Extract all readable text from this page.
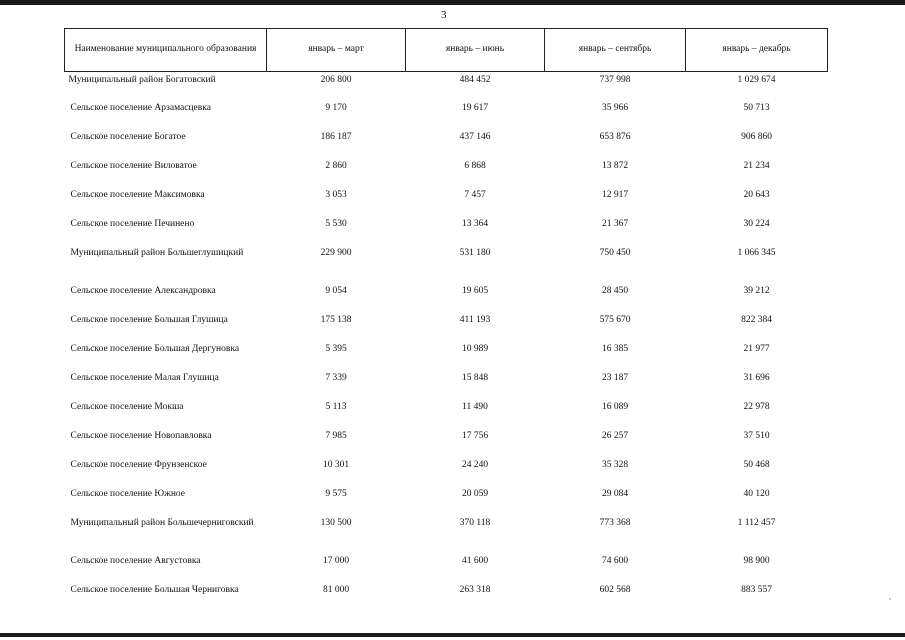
3
Наименование муниципального образования	январь – март	январь – июнь	январь – сентябрь	январь – декабрь
Муниципальный район Богатовский	206 800	484 452	737 998	1 029 674
Сельское поселение Арзамасцевка	9 170	19 617	35 966	50 713
Сельское поселение Богатое	186 187	437 146	653 876	906 860
Сельское поселение Виловатое	2 860	6 868	13 872	21 234
Сельское поселение Максимовка	3 053	7 457	12 917	20 643
Сельское поселение Печинено	5 530	13 364	21 367	30 224
Муниципальный район Большеглушицкий	229 900	531 180	750 450	1 066 345
Сельское поселение Александровка	9 054	19 605	28 450	39 212
Сельское поселение Большая Глушица	175 138	411 193	575 670	822 384
Сельское поселение Большая Дергуновка	5 395	10 989	16 385	21 977
Сельское поселение Малая Глушица	7 339	15 848	23 187	31 696
Сельское поселение Мокша	5 113	11 490	16 089	22 978
Сельское поселение Новопавловка	7 985	17 756	26 257	37 510
Сельское поселение Фрунзенское	10 301	24 240	35 328	50 468
Сельское поселение Южное	9 575	20 059	29 084	40 120
Муниципальный район Большечерниговский	130 500	370 118	773 368	1 112 457
Сельское поселение Августовка	17 000	41 600	74 600	98 900
Сельское поселение Большая Черниговка	81 000	263 318	602 568	883 557
,
